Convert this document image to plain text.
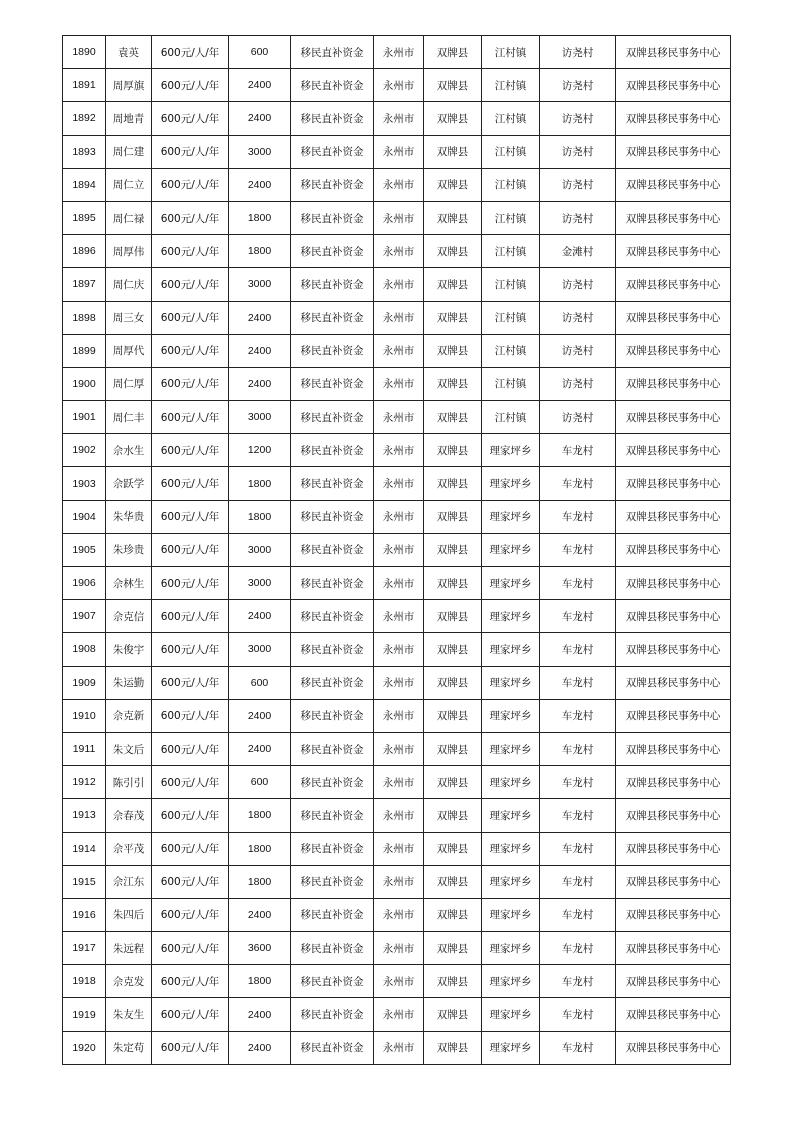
1890	袁英	600元/人/年	600	移民直补资金	永州市	双牌县	江村镇	访尧村	双牌县移民事务中心
1891	周厚旗	600元/人/年	2400	移民直补资金	永州市	双牌县	江村镇	访尧村	双牌县移民事务中心
1892	周地青	600元/人/年	2400	移民直补资金	永州市	双牌县	江村镇	访尧村	双牌县移民事务中心
1893	周仁建	600元/人/年	3000	移民直补资金	永州市	双牌县	江村镇	访尧村	双牌县移民事务中心
1894	周仁立	600元/人/年	2400	移民直补资金	永州市	双牌县	江村镇	访尧村	双牌县移民事务中心
1895	周仁禄	600元/人/年	1800	移民直补资金	永州市	双牌县	江村镇	访尧村	双牌县移民事务中心
1896	周厚伟	600元/人/年	1800	移民直补资金	永州市	双牌县	江村镇	金滩村	双牌县移民事务中心
1897	周仁庆	600元/人/年	3000	移民直补资金	永州市	双牌县	江村镇	访尧村	双牌县移民事务中心
1898	周三女	600元/人/年	2400	移民直补资金	永州市	双牌县	江村镇	访尧村	双牌县移民事务中心
1899	周厚代	600元/人/年	2400	移民直补资金	永州市	双牌县	江村镇	访尧村	双牌县移民事务中心
1900	周仁厚	600元/人/年	2400	移民直补资金	永州市	双牌县	江村镇	访尧村	双牌县移民事务中心
1901	周仁丰	600元/人/年	3000	移民直补资金	永州市	双牌县	江村镇	访尧村	双牌县移民事务中心
1902	佘水生	600元/人/年	1200	移民直补资金	永州市	双牌县	理家坪乡	车龙村	双牌县移民事务中心
1903	佘跃学	600元/人/年	1800	移民直补资金	永州市	双牌县	理家坪乡	车龙村	双牌县移民事务中心
1904	朱华贵	600元/人/年	1800	移民直补资金	永州市	双牌县	理家坪乡	车龙村	双牌县移民事务中心
1905	朱珍贵	600元/人/年	3000	移民直补资金	永州市	双牌县	理家坪乡	车龙村	双牌县移民事务中心
1906	佘林生	600元/人/年	3000	移民直补资金	永州市	双牌县	理家坪乡	车龙村	双牌县移民事务中心
1907	佘克信	600元/人/年	2400	移民直补资金	永州市	双牌县	理家坪乡	车龙村	双牌县移民事务中心
1908	朱俊宇	600元/人/年	3000	移民直补资金	永州市	双牌县	理家坪乡	车龙村	双牌县移民事务中心
1909	朱运勤	600元/人/年	600	移民直补资金	永州市	双牌县	理家坪乡	车龙村	双牌县移民事务中心
1910	佘克新	600元/人/年	2400	移民直补资金	永州市	双牌县	理家坪乡	车龙村	双牌县移民事务中心
1911	朱文后	600元/人/年	2400	移民直补资金	永州市	双牌县	理家坪乡	车龙村	双牌县移民事务中心
1912	陈引引	600元/人/年	600	移民直补资金	永州市	双牌县	理家坪乡	车龙村	双牌县移民事务中心
1913	佘春茂	600元/人/年	1800	移民直补资金	永州市	双牌县	理家坪乡	车龙村	双牌县移民事务中心
1914	佘平茂	600元/人/年	1800	移民直补资金	永州市	双牌县	理家坪乡	车龙村	双牌县移民事务中心
1915	佘江东	600元/人/年	1800	移民直补资金	永州市	双牌县	理家坪乡	车龙村	双牌县移民事务中心
1916	朱四后	600元/人/年	2400	移民直补资金	永州市	双牌县	理家坪乡	车龙村	双牌县移民事务中心
1917	朱远程	600元/人/年	3600	移民直补资金	永州市	双牌县	理家坪乡	车龙村	双牌县移民事务中心
1918	佘克发	600元/人/年	1800	移民直补资金	永州市	双牌县	理家坪乡	车龙村	双牌县移民事务中心
1919	朱友生	600元/人/年	2400	移民直补资金	永州市	双牌县	理家坪乡	车龙村	双牌县移民事务中心
1920	朱定苟	600元/人/年	2400	移民直补资金	永州市	双牌县	理家坪乡	车龙村	双牌县移民事务中心
